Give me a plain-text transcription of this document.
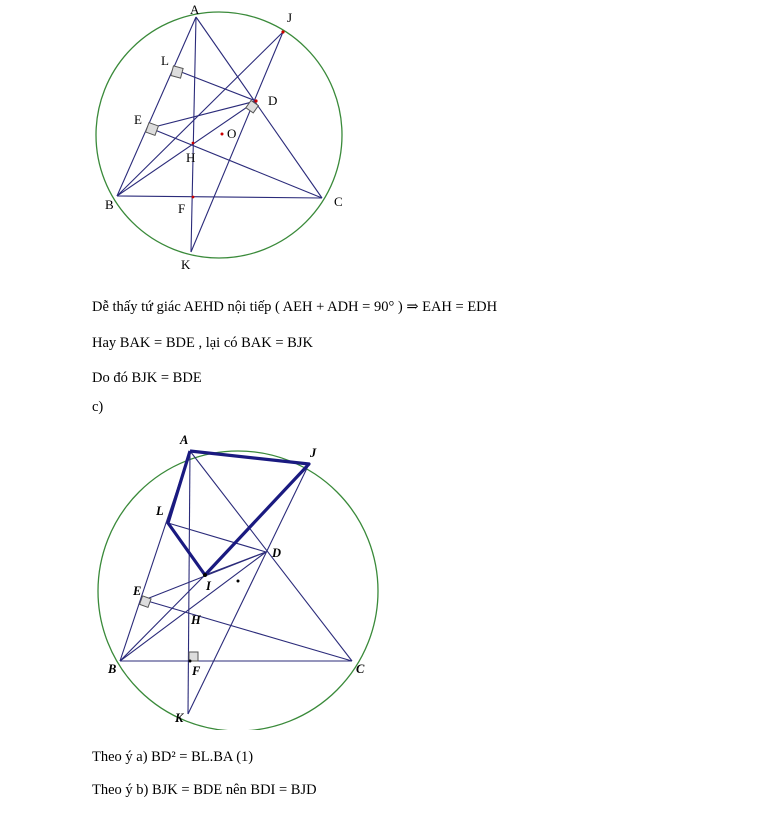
A
J
L
D
E
O
H
B	F	C
K
Dễ thấy tứ giác AEHD nội tiếp ( AEH + ADH = 90° ) ⇒ EAH = EDH
Hay BAK = BDE , lại có BAK = BJK
Do đó BJK = BDE
c)
A
J
L
D
I
E
H
B	F	C
K
Theo ý a) BD² = BL.BA (1)
Theo ý b) BJK = BDE nên BDI = BJD
